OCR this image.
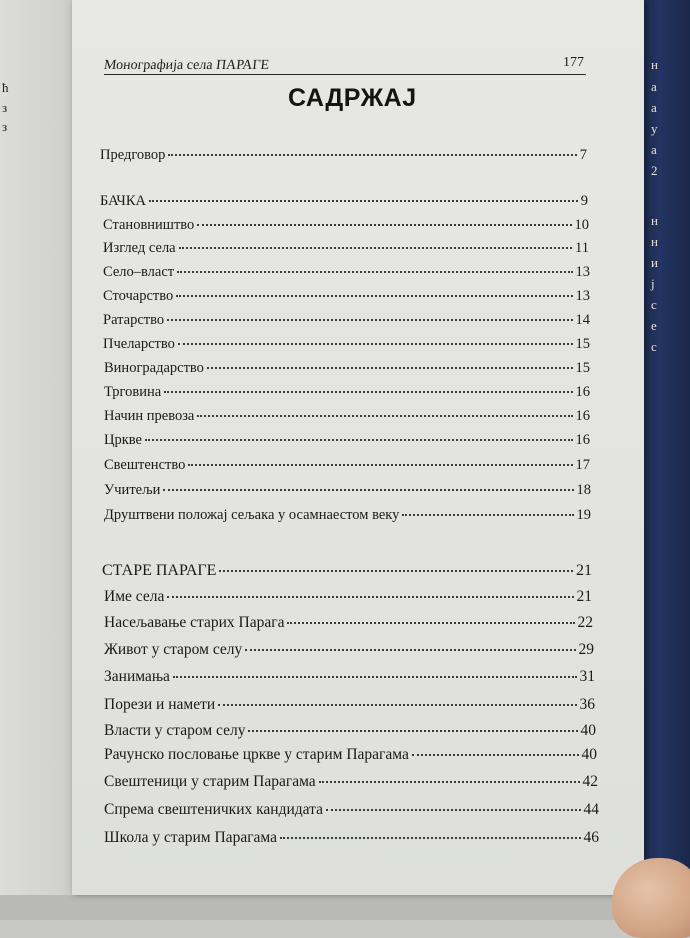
ћ
з
з
н
а
а
у
а
2
н
н
и
ј
с
е
с
Монографија села ПАРАГЕ	177
САДРЖАЈ
Предговор	7
БАЧКА	9
Становништво	10
Изглед села	11
Село–власт	13
Сточарство	13
Ратарство	14
Пчеларство	15
Виноградарство	15
Трговина	16
Начин превоза	16
Цркве	16
Свештенство	17
Учитељи	18
Друштвени положај сељака у осамнаестом веку	19
СТАРЕ ПАРАГЕ	21
Име села	21
Насељавање старих Парага	22
Живот у старом селу	29
Занимања	31
Порези и намети	36
Власти у старом селу	40
Рачунско пословање цркве у старим Парагама	40
Свештеници у старим Парагама	42
Спрема свештеничких кандидата	44
Школа у старим Парагама	46
